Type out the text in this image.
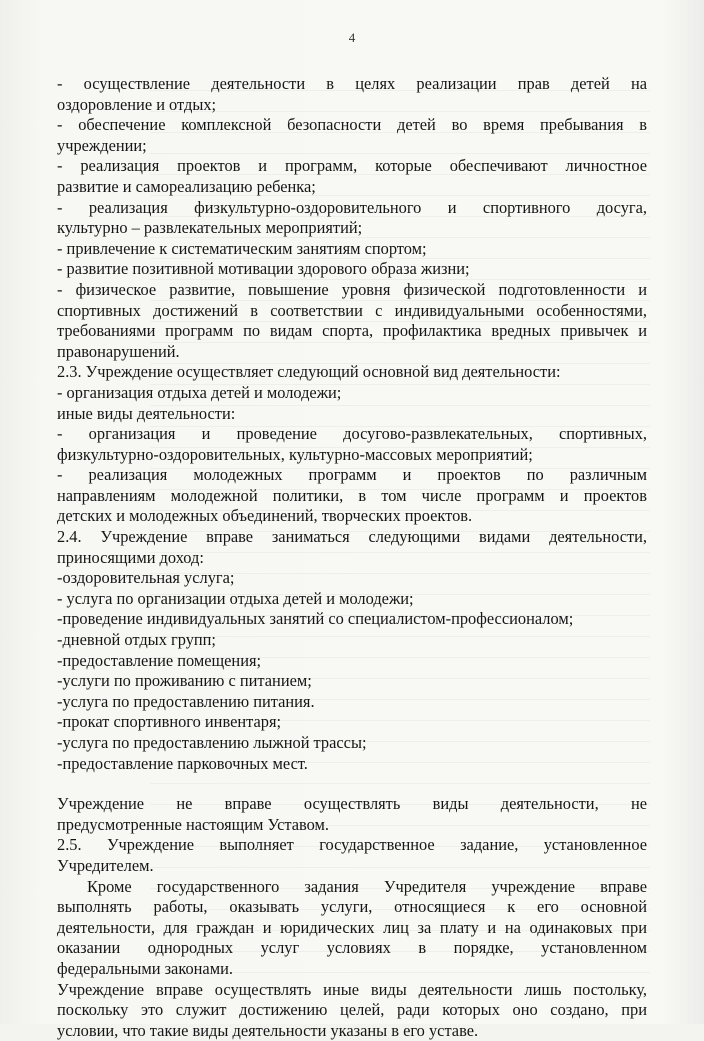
4
- осуществление деятельности в целях реализации прав детей на
оздоровление и отдых;
- обеспечение комплексной безопасности детей во время пребывания в
учреждении;
- реализация проектов и программ, которые обеспечивают личностное
развитие и самореализацию ребенка;
- реализация физкультурно-оздоровительного и спортивного досуга,
культурно – развлекательных мероприятий;
- привлечение к систематическим занятиям спортом;
- развитие позитивной мотивации здорового образа жизни;
- физическое развитие, повышение уровня физической подготовленности и
спортивных достижений в соответствии с индивидуальными особенностями,
требованиями программ по видам спорта, профилактика вредных привычек и
правонарушений.
2.3. Учреждение осуществляет следующий основной вид деятельности:
- организация отдыха детей и молодежи;
иные виды деятельности:
- организация и проведение досугово-развлекательных, спортивных,
физкультурно-оздоровительных, культурно-массовых мероприятий;
- реализация молодежных программ и проектов по различным
направлениям молодежной политики, в том числе программ и проектов
детских и молодежных объединений, творческих проектов.
2.4. Учреждение вправе заниматься следующими видами деятельности,
приносящими доход:
-оздоровительная услуга;
- услуга по организации отдыха детей и молодежи;
-проведение индивидуальных занятий со специалистом-профессионалом;
-дневной отдых групп;
-предоставление помещения;
-услуги по проживанию с питанием;
-услуга по предоставлению питания.
-прокат спортивного инвентаря;
-услуга по предоставлению лыжной трассы;
-предоставление парковочных мест.
Учреждение не вправе осуществлять виды деятельности, не
предусмотренные настоящим Уставом.
2.5. Учреждение выполняет государственное задание, установленное
Учредителем.
Кроме государственного задания Учредителя учреждение вправе
выполнять работы, оказывать услуги, относящиеся к его основной
деятельности, для граждан и юридических лиц за плату и на одинаковых при
оказании однородных услуг условиях в порядке, установленном
федеральными законами.
Учреждение вправе осуществлять иные виды деятельности лишь постольку,
поскольку это служит достижению целей, ради которых оно создано, при
условии, что такие виды деятельности указаны в его уставе.
